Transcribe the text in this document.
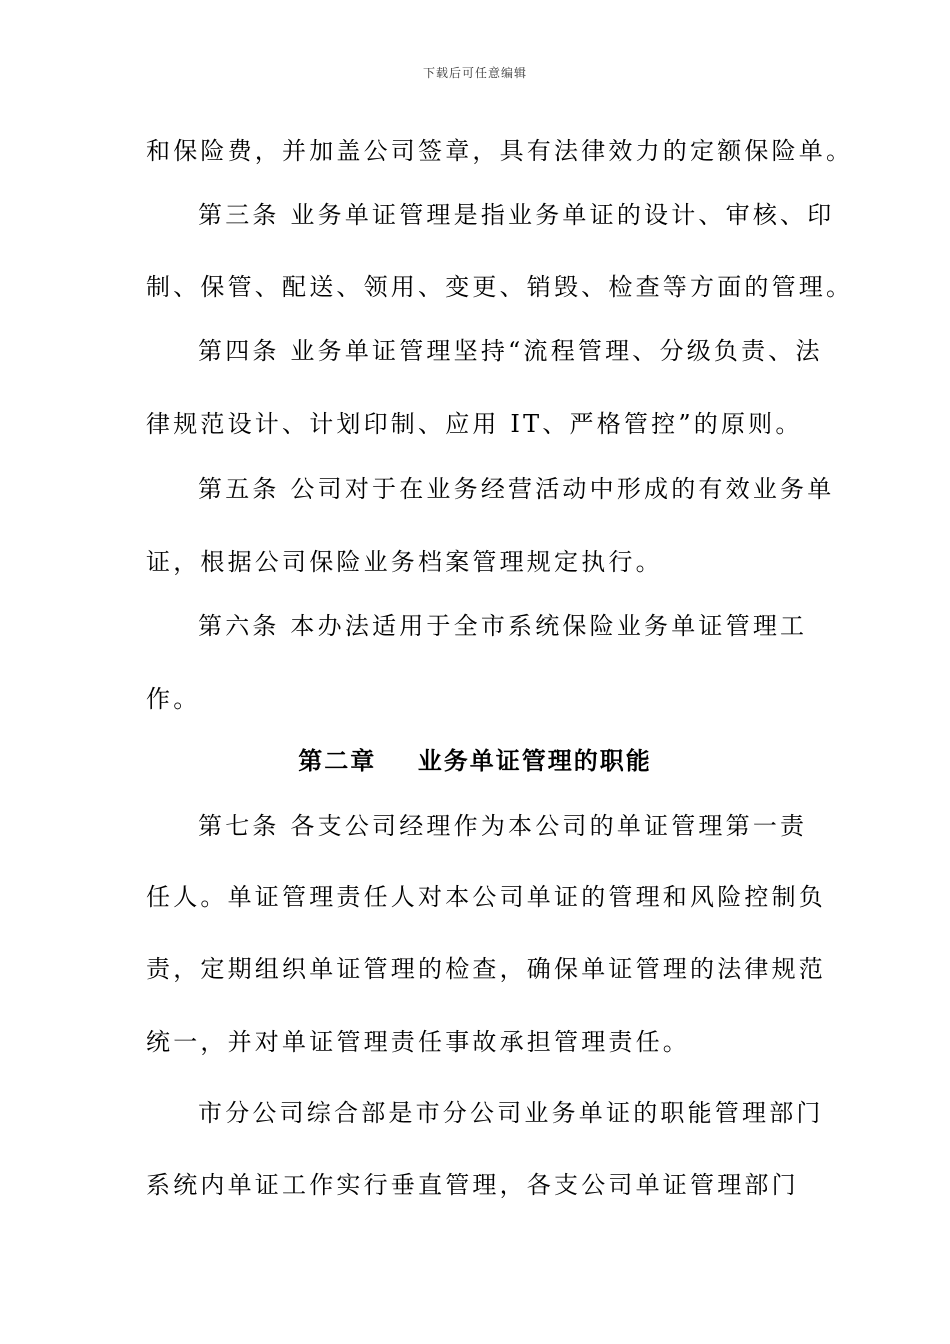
下载后可任意编辑
和保险费，并加盖公司签章，具有法律效力的定额保险单。
第三条 业务单证管理是指业务单证的设计、审核、印
制、保管、配送、领用、变更、销毁、检查等方面的管理。
第四条 业务单证管理坚持“流程管理、分级负责、法
律规范设计、计划印制、应用 IT、严格管控”的原则。
第五条 公司对于在业务经营活动中形成的有效业务单
证，根据公司保险业务档案管理规定执行。
第六条 本办法适用于全市系统保险业务单证管理工
作。
第二章    业务单证管理的职能
第七条 各支公司经理作为本公司的单证管理第一责
任人。单证管理责任人对本公司单证的管理和风险控制负
责，定期组织单证管理的检查，确保单证管理的法律规范
统一，并对单证管理责任事故承担管理责任。
市分公司综合部是市分公司业务单证的职能管理部门
系统内单证工作实行垂直管理，各支公司单证管理部门
